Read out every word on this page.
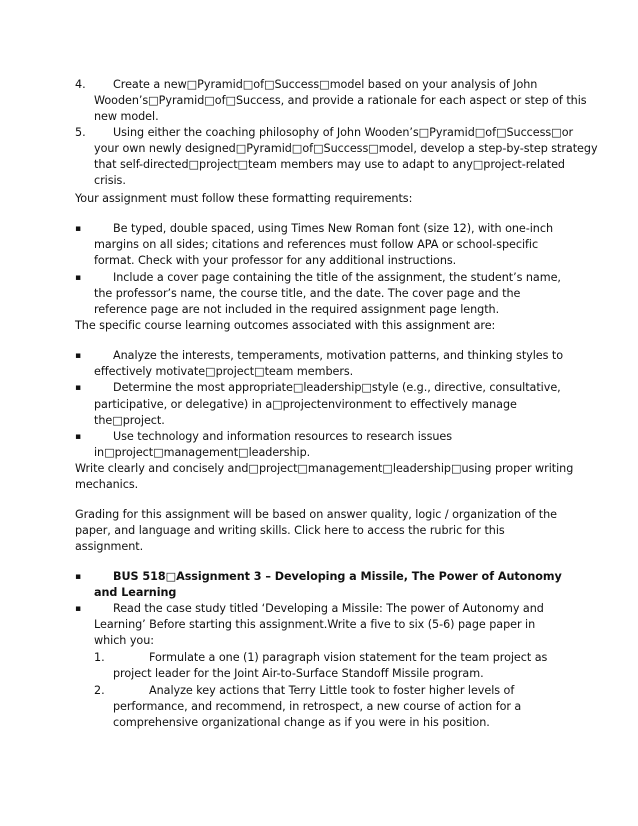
4. Create a new□Pyramid□of□Success□model based on your analysis of John
Wooden’s□Pyramid□of□Success, and provide a rationale for each aspect or step of this
new model.
5. Using either the coaching philosophy of John Wooden’s□Pyramid□of□Success□or
your own newly designed□Pyramid□of□Success□model, develop a step-by-step strategy
that self-directed□project□team members may use to adapt to any□project-related
crisis.
Your assignment must follow these formatting requirements:
▪	Be typed, double spaced, using Times New Roman font (size 12), with one-inch
margins on all sides; citations and references must follow APA or school-specific
format. Check with your professor for any additional instructions.
▪	Include a cover page containing the title of the assignment, the student’s name,
the professor’s name, the course title, and the date. The cover page and the
reference page are not included in the required assignment page length.
The specific course learning outcomes associated with this assignment are:
▪	Analyze the interests, temperaments, motivation patterns, and thinking styles to
effectively motivate□project□team members.
▪	Determine the most appropriate□leadership□style (e.g., directive, consultative,
participative, or delegative) in a□projectenvironment to effectively manage
the□project.
▪	Use technology and information resources to research issues
in□project□management□leadership.
Write clearly and concisely and□project□management□leadership□using proper writing
mechanics.
Grading for this assignment will be based on answer quality, logic / organization of the
paper, and language and writing skills. Click here to access the rubric for this
assignment.
▪	BUS 518□Assignment 3 – Developing a Missile, The Power of Autonomy
and Learning
▪	Read the case study titled ‘Developing a Missile: The power of Autonomy and
Learning’ Before starting this assignment.Write a five to six (5-6) page paper in
which you:
1.	Formulate a one (1) paragraph vision statement for the team project as
project leader for the Joint Air-to-Surface Standoff Missile program.
2.	Analyze key actions that Terry Little took to foster higher levels of
performance, and recommend, in retrospect, a new course of action for a
comprehensive organizational change as if you were in his position.
